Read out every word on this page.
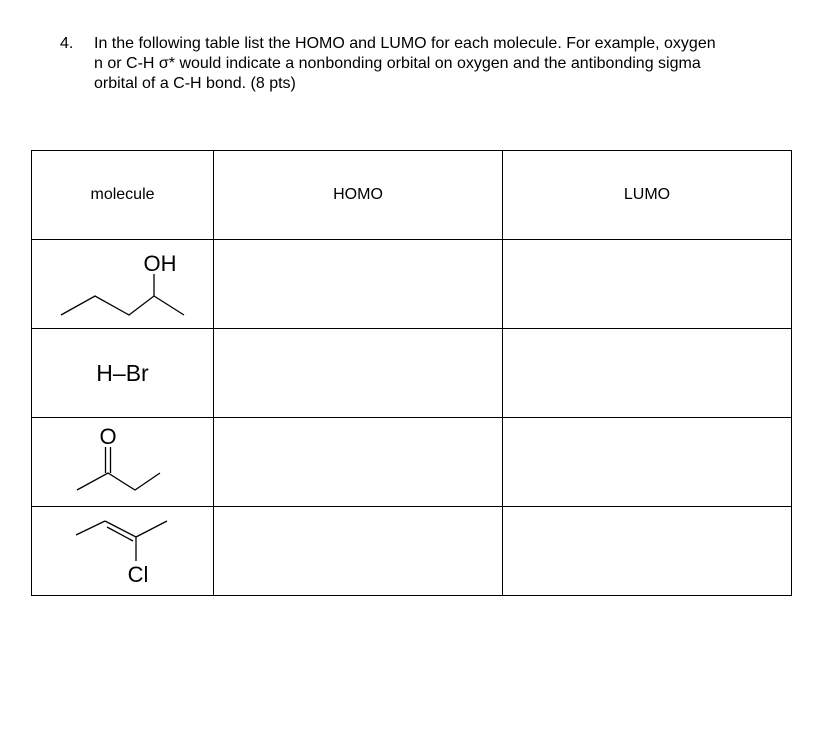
4. In the following table list the HOMO and LUMO for each molecule. For example, oxygen
n or C-H σ* would indicate a nonbonding orbital on oxygen and the antibonding sigma
orbital of a C-H bond. (8 pts)
molecule	HOMO	LUMO

OH		

H–Br		

O		

Cl		
